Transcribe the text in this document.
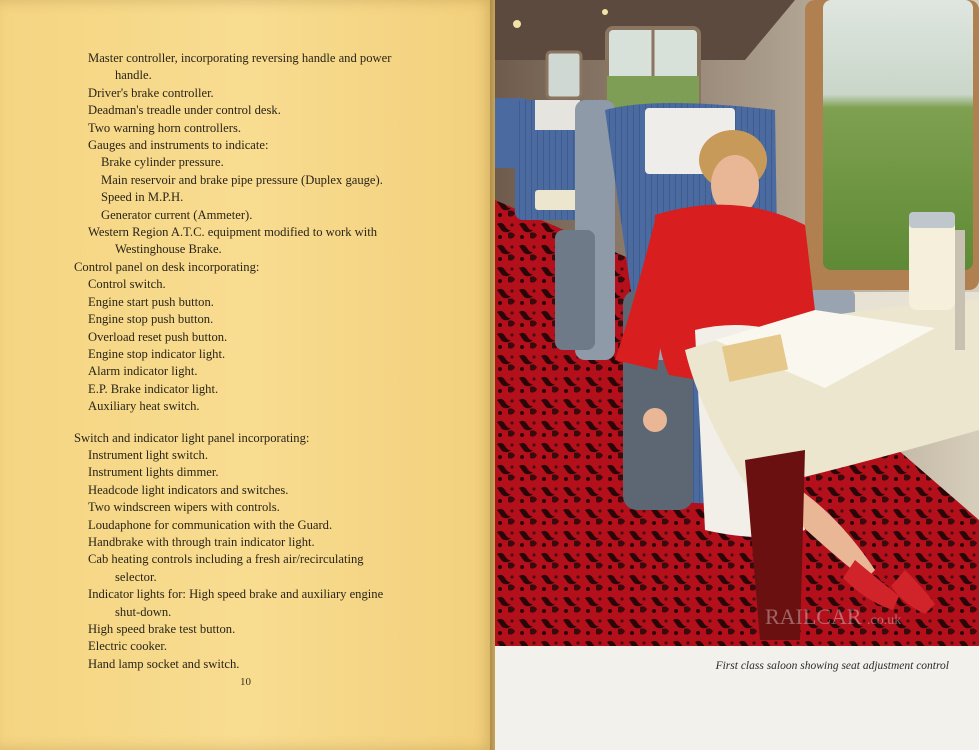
Master controller, incorporating reversing handle and power
handle.
Driver's brake controller.
Deadman's treadle under control desk.
Two warning horn controllers.
Gauges and instruments to indicate:
Brake cylinder pressure.
Main reservoir and brake pipe pressure (Duplex gauge).
Speed in M.P.H.
Generator current (Ammeter).
Western Region A.T.C. equipment modified to work with
Westinghouse Brake.
Control panel on desk incorporating:
Control switch.
Engine start push button.
Engine stop push button.
Overload reset push button.
Engine stop indicator light.
Alarm indicator light.
E.P. Brake indicator light.
Auxiliary heat switch.
Switch and indicator light panel incorporating:
Instrument light switch.
Instrument lights dimmer.
Headcode light indicators and switches.
Two windscreen wipers with controls.
Loudaphone for communication with the Guard.
Handbrake with through train indicator light.
Cab heating controls including a fresh air/recirculating
selector.
Indicator lights for: High speed brake and auxiliary engine
shut-down.
High speed brake test button.
Electric cooker.
Hand lamp socket and switch.
10
RAILCAR .co.uk
First class saloon showing seat adjustment control
